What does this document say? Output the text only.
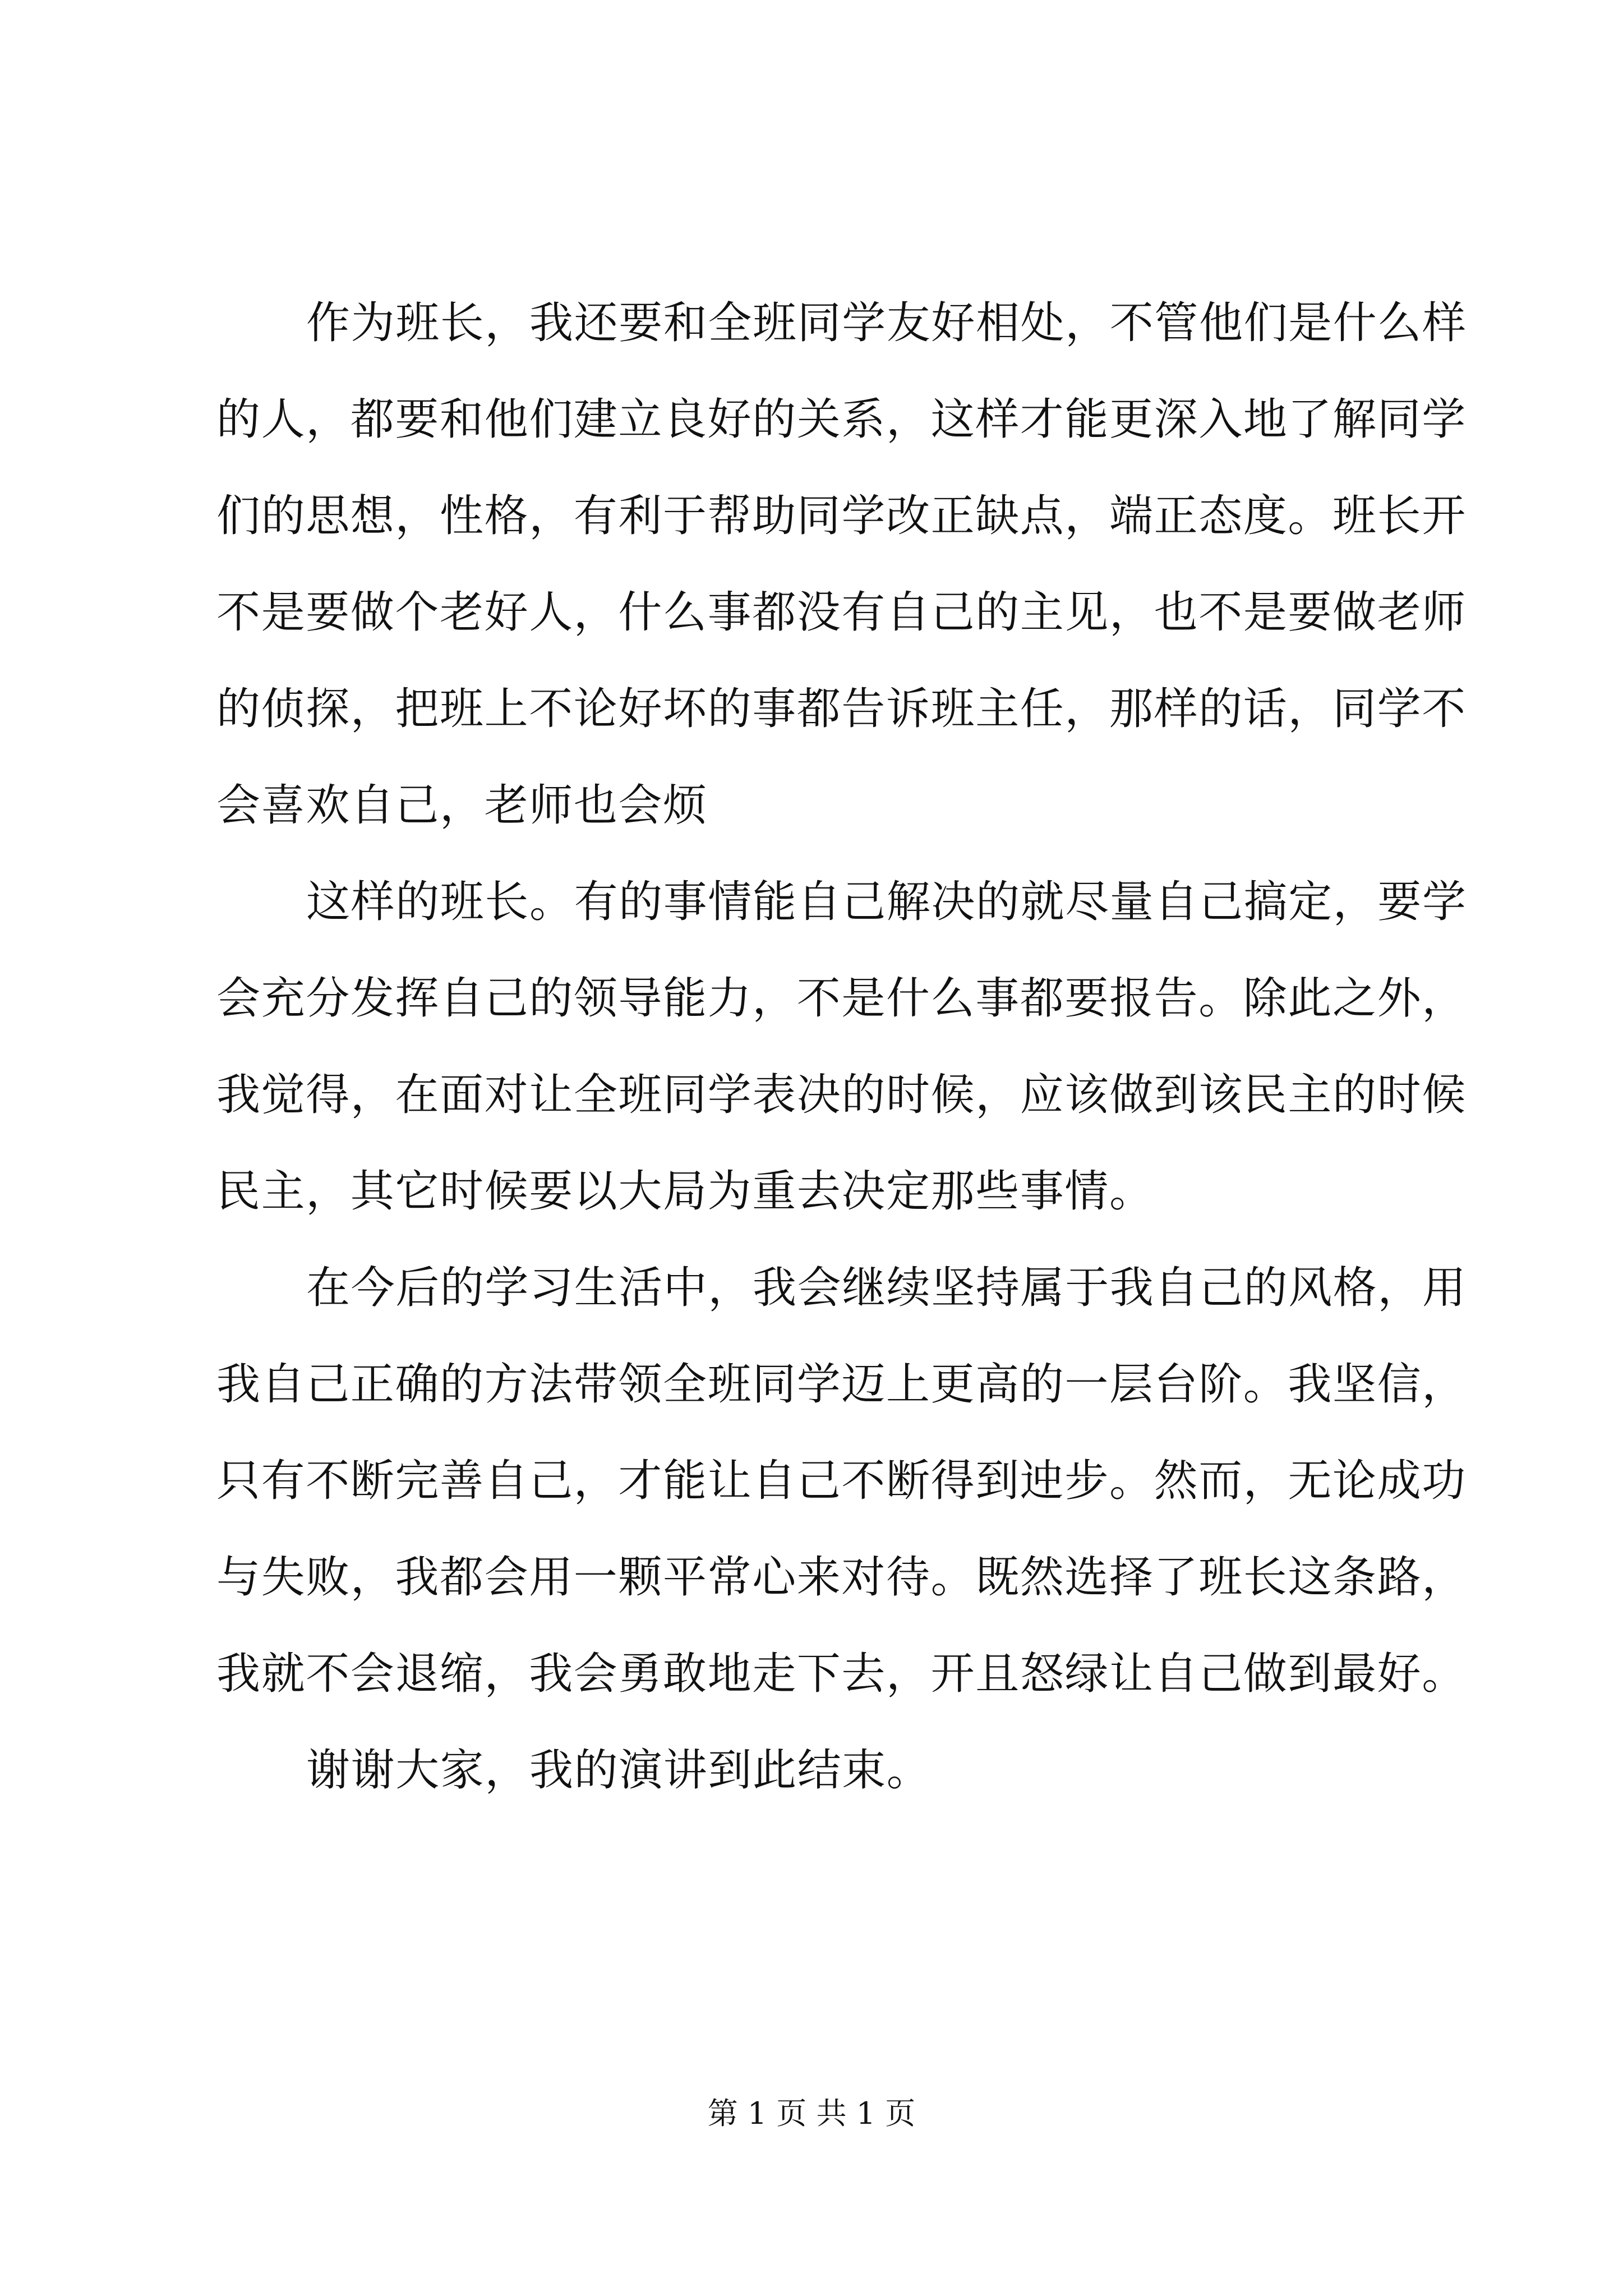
作为班长，我还要和全班同学友好相处，不管他们是什么样
的人，都要和他们建立良好的关系，这样才能更深入地了解同学
们的思想，性格，有利于帮助同学改正缺点，端正态度。班长开
不是要做个老好人，什么事都没有自己的主见，也不是要做老师
的侦探，把班上不论好坏的事都告诉班主任，那样的话，同学不
会喜欢自己，老师也会烦
这样的班长。有的事情能自己解决的就尽量自己搞定，要学
会充分发挥自己的领导能力，不是什么事都要报告。除此之外，
我觉得，在面对让全班同学表决的时候，应该做到该民主的时候
民主，其它时候要以大局为重去决定那些事情。
在今后的学习生活中，我会继续坚持属于我自己的风格，用
我自己正确的方法带领全班同学迈上更高的一层台阶。我坚信，
只有不断完善自己，才能让自己不断得到迚步。然而，无论成功
与失败，我都会用一颗平常心来对待。既然选择了班长这条路，
我就不会退缩，我会勇敢地走下去，开且怒绿让自己做到最好。
谢谢大家，我的演讲到此结束。
第 1 页 共 1 页
